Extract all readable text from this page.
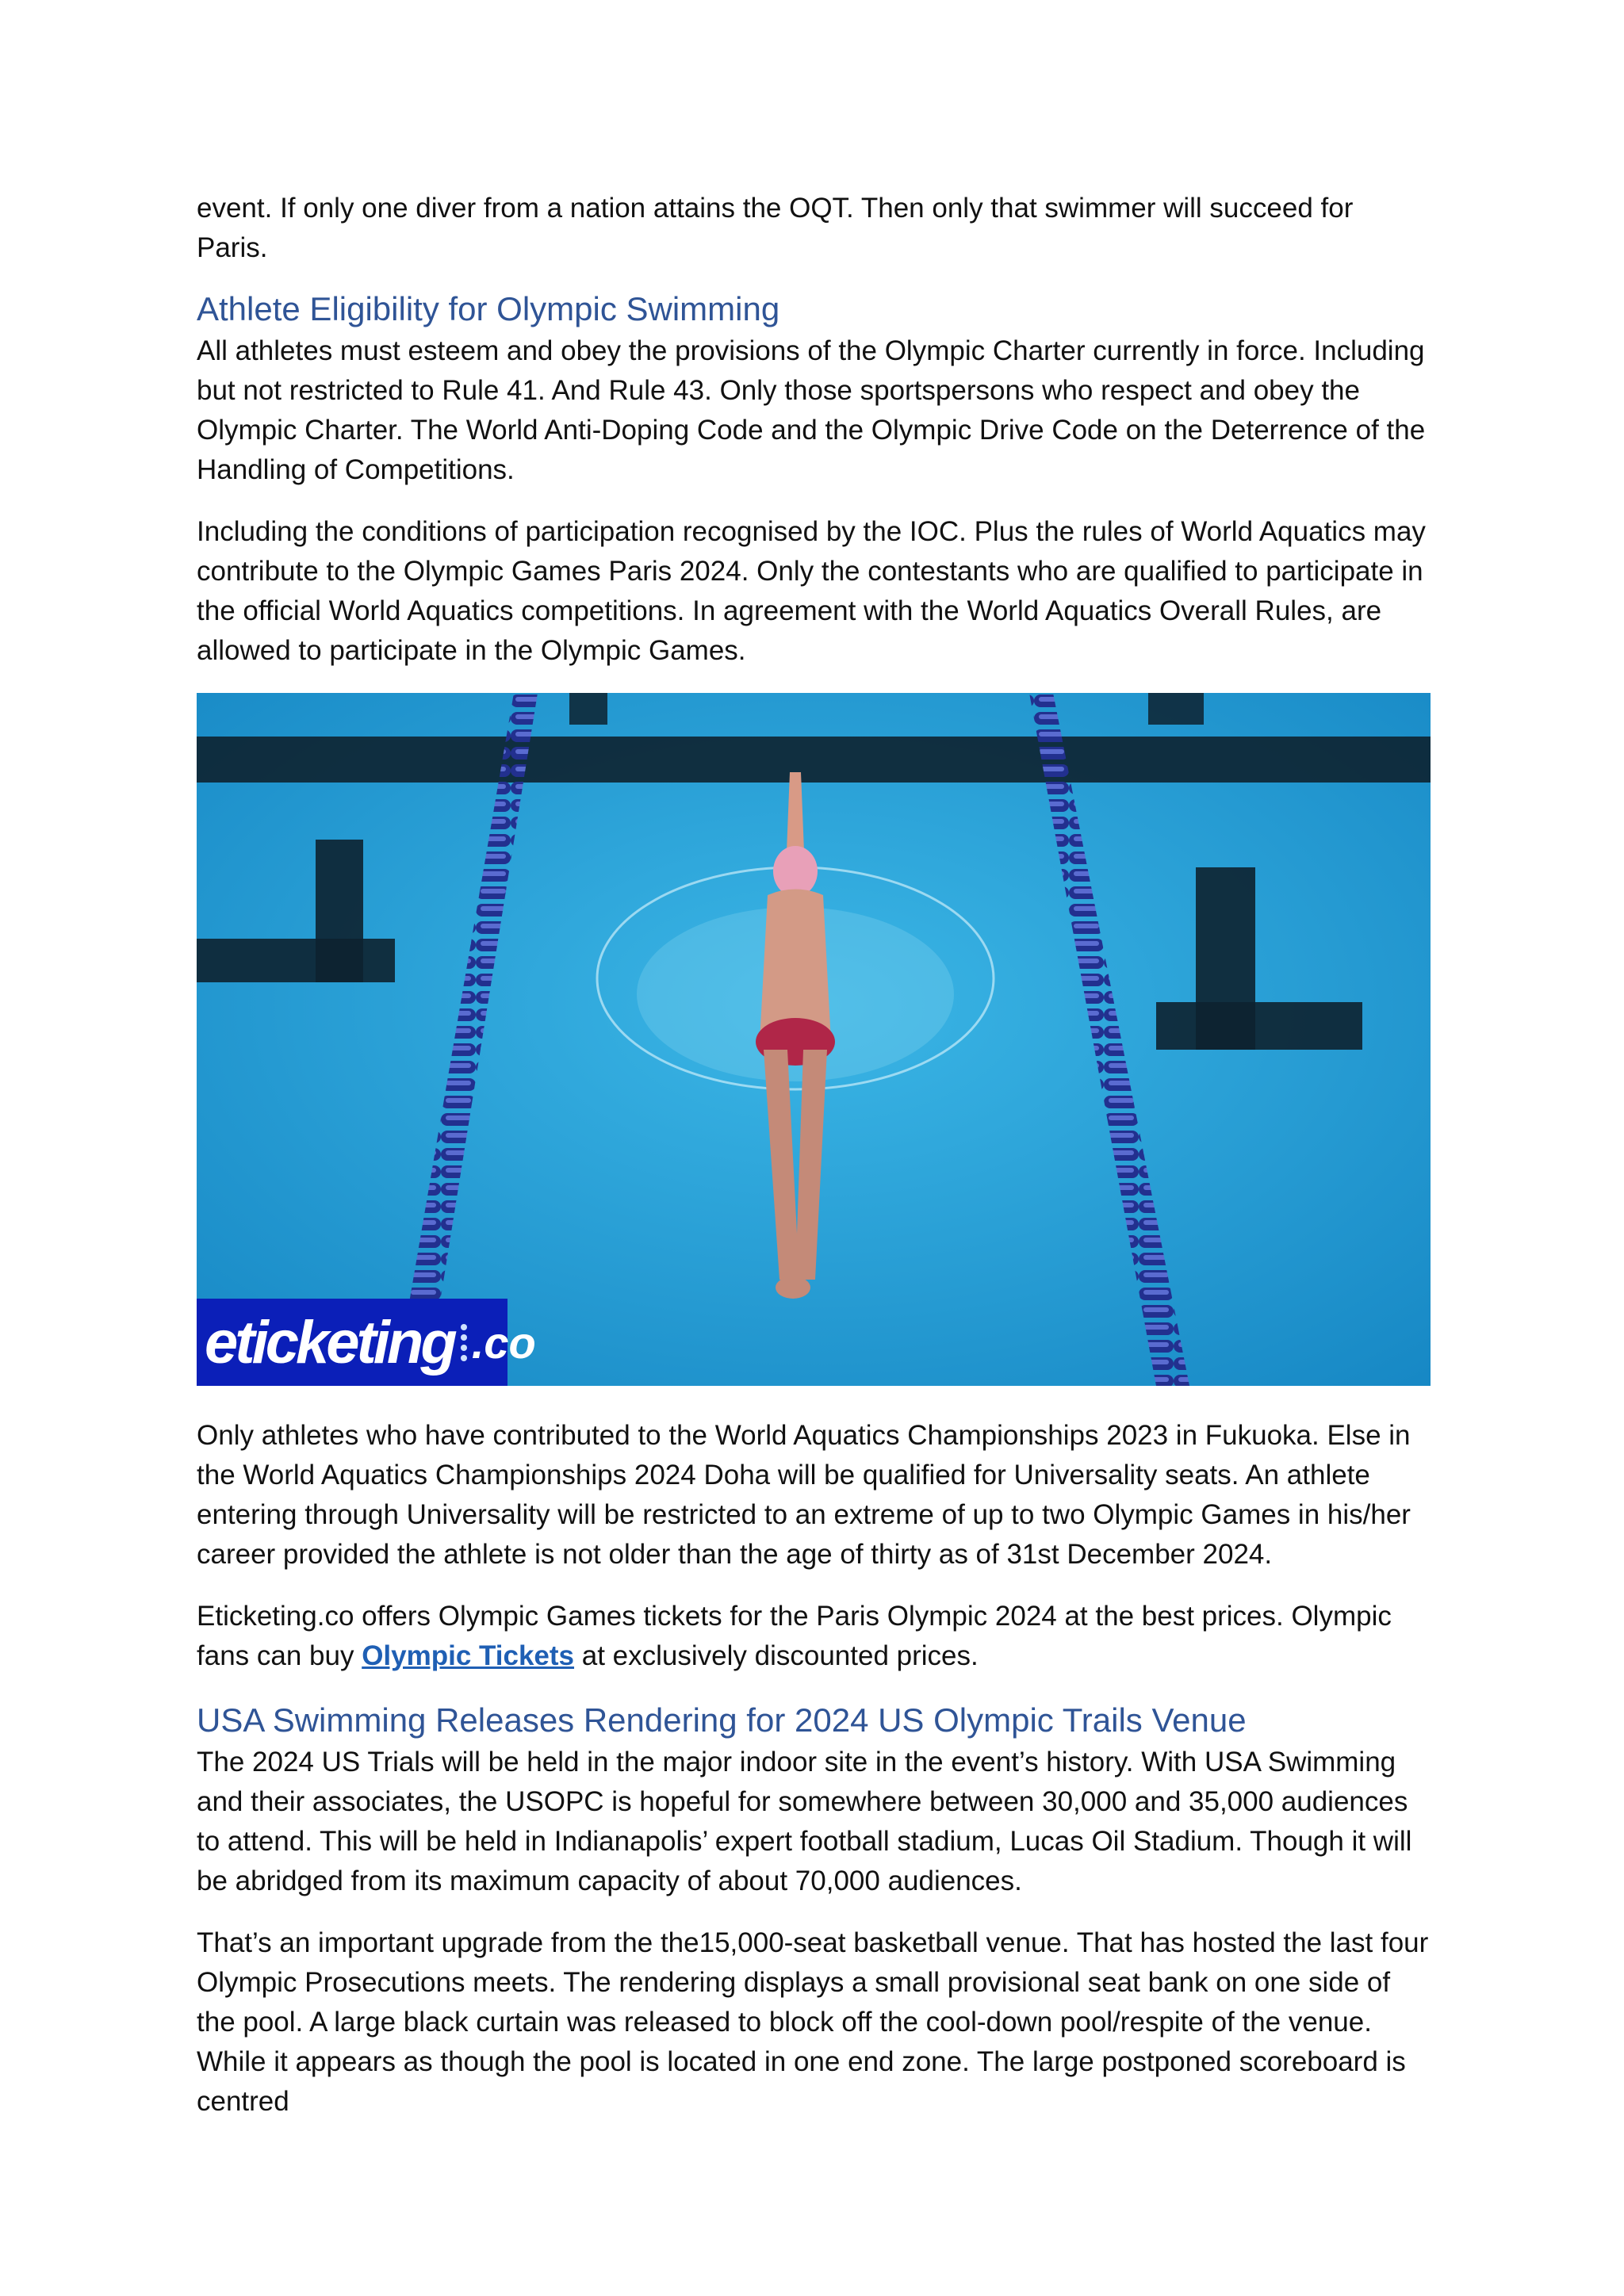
event. If only one diver from a nation attains the OQT. Then only that swimmer will succeed for Paris.

Athlete Eligibility for Olympic Swimming

All athletes must esteem and obey the provisions of the Olympic Charter currently in force. Including but not restricted to Rule 41. And Rule 43. Only those sportspersons who respect and obey the Olympic Charter. The World Anti-Doping Code and the Olympic Drive Code on the Deterrence of the Handling of Competitions.

Including the conditions of participation recognised by the IOC. Plus the rules of World Aquatics may contribute to the Olympic Games Paris 2024. Only the contestants who are qualified to participate in the official World Aquatics competitions. In agreement with the World Aquatics Overall Rules, are allowed to participate in the Olympic Games.

eticketing .co

Only athletes who have contributed to the World Aquatics Championships 2023 in Fukuoka. Else in the World Aquatics Championships 2024 Doha will be qualified for Universality seats. An athlete entering through Universality will be restricted to an extreme of up to two Olympic Games in his/her career provided the athlete is not older than the age of thirty as of 31st December 2024.

Eticketing.co offers Olympic Games tickets for the Paris Olympic 2024 at the best prices. Olympic fans can buy Olympic Tickets at exclusively discounted prices.

USA Swimming Releases Rendering for 2024 US Olympic Trails Venue

The 2024 US Trials will be held in the major indoor site in the event’s history. With USA Swimming and their associates, the USOPC is hopeful for somewhere between 30,000 and 35,000 audiences to attend. This will be held in Indianapolis’ expert football stadium, Lucas Oil Stadium. Though it will be abridged from its maximum capacity of about 70,000 audiences.

That’s an important upgrade from the the15,000-seat basketball venue. That has hosted the last four Olympic Prosecutions meets. The rendering displays a small provisional seat bank on one side of the pool. A large black curtain was released to block off the cool-down pool/respite of the venue. While it appears as though the pool is located in one end zone. The large postponed scoreboard is centred
